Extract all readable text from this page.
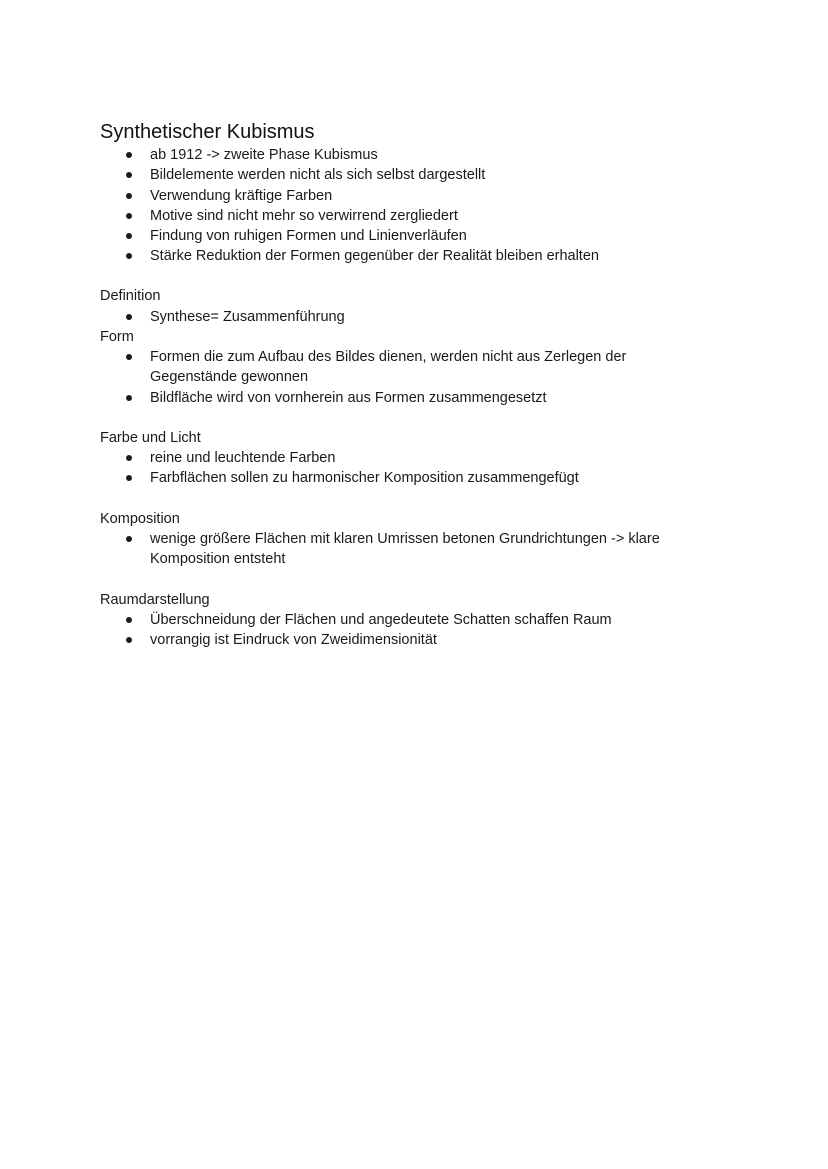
Synthetischer Kubismus
ab 1912 -> zweite Phase Kubismus
Bildelemente werden nicht als sich selbst dargestellt
Verwendung kräftige Farben
Motive sind nicht mehr so verwirrend zergliedert
Findung von ruhigen Formen und Linienverläufen
Stärke Reduktion der Formen gegenüber der Realität bleiben erhalten
Definition
Synthese= Zusammenführung
Form
Formen die zum Aufbau des Bildes dienen, werden nicht aus Zerlegen der Gegenstände gewonnen
Bildfläche wird von vornherein aus Formen zusammengesetzt
Farbe und Licht
reine und leuchtende Farben
Farbflächen sollen zu harmonischer Komposition zusammengefügt
Komposition
wenige größere Flächen mit klaren Umrissen betonen Grundrichtungen -> klare Komposition entsteht
Raumdarstellung
Überschneidung der Flächen und angedeutete Schatten schaffen Raum
vorrangig ist Eindruck von Zweidimensionität
